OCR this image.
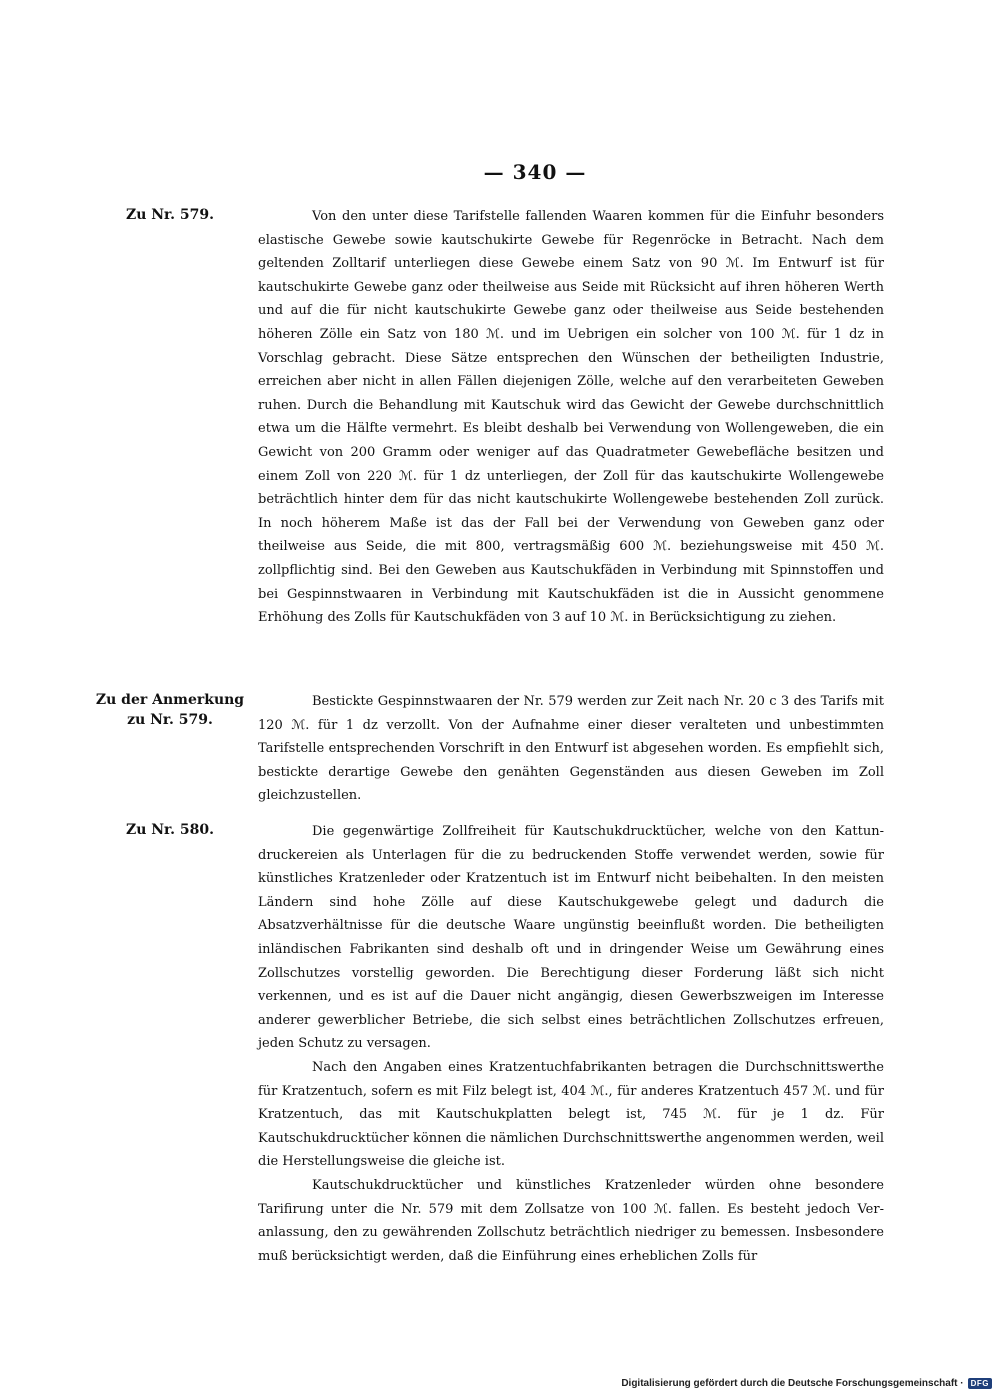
— 340 —
Zu Nr. 579.	Von den unter diese Tarifstelle fallenden Waaren kommen für die Einfuhr besonders elastische Gewebe sowie kautschukirte Gewebe für Regenröcke in Betracht. Nach dem geltenden Zolltarif unterliegen diese Gewebe einem Satz von 90 ℳ. Im Entwurf ist für kautschukirte Gewebe ganz oder theilweise aus Seide mit Rücksicht auf ihren höheren Werth und auf die für nicht kautschukirte Gewebe ganz oder theilweise aus Seide bestehenden höheren Zölle ein Satz von 180 ℳ. und im Uebrigen ein solcher von 100 ℳ. für 1 dz in Vorschlag gebracht. Diese Sätze entsprechen den Wünschen der betheiligten Industrie, erreichen aber nicht in allen Fällen diejenigen Zölle, welche auf den verarbeiteten Geweben ruhen. Durch die Behandlung mit Kautschuk wird das Gewicht der Gewebe durchschnittlich etwa um die Hälfte vermehrt. Es bleibt deshalb bei Verwendung von Wollengeweben, die ein Gewicht von 200 Gramm oder weniger auf das Quadratmeter Gewebefläche besitzen und einem Zoll von 220 ℳ. für 1 dz unterliegen, der Zoll für das kautschukirte Wollengewebe beträchtlich hinter dem für das nicht kautschukirte Wollengewebe bestehenden Zoll zurück. In noch höherem Maße ist das der Fall bei der Verwendung von Geweben ganz oder theilweise aus Seide, die mit 800, vertragsmäßig 600 ℳ. beziehungsweise mit 450 ℳ. zollpflichtig sind. Bei den Geweben aus Kautschukfäden in Verbindung mit Spinnstoffen und bei Gespinnstwaaren in Verbindung mit Kautschukfäden ist die in Aussicht genommene Erhöhung des Zolls für Kautschukfäden von 3 auf 10 ℳ. in Berücksichtigung zu ziehen.

Zu der Anmerkung
zu Nr. 579.

Bestickte Gespinnstwaaren der Nr. 579 werden zur Zeit nach Nr. 20 c 3 des Tarifs mit 120 ℳ. für 1 dz verzollt. Von der Aufnahme einer dieser veralteten und unbestimmten Tarifstelle entsprechenden Vorschrift in den Entwurf ist abgesehen worden. Es empfiehlt sich, bestickte derartige Gewebe den genähten Gegenständen aus diesen Geweben im Zoll gleichzustellen.

Zu Nr. 580.	Die gegenwärtige Zollfreiheit für Kautschukdrucktücher, welche von den Kattundruckereien als Unterlagen für die zu bedruckenden Stoffe verwendet werden, sowie für künstliches Kratzenleder oder Kratzentuch ist im Entwurf nicht beibehalten. In den meisten Ländern sind hohe Zölle auf diese Kautschukgewebe gelegt und dadurch die Absatzverhältnisse für die deutsche Waare ungünstig beeinflußt worden. Die betheiligten inländischen Fabrikanten sind deshalb oft und in dringender Weise um Gewährung eines Zollschutzes vorstellig geworden. Die Berechtigung dieser Forderung läßt sich nicht verkennen, und es ist auf die Dauer nicht angängig, diesen Gewerbszweigen im Interesse anderer gewerblicher Betriebe, die sich selbst eines beträchtlichen Zollschutzes erfreuen, jeden Schutz zu versagen.

Nach den Angaben eines Kratzentuchfabrikanten betragen die Durchschnittswerthe für Kratzentuch, sofern es mit Filz belegt ist, 404 ℳ., für anderes Kratzentuch 457 ℳ. und für Kratzentuch, das mit Kautschukplatten belegt ist, 745 ℳ. für je 1 dz. Für Kautschukdrucktücher können die nämlichen Durchschnittswerthe angenommen werden, weil die Herstellungsweise die gleiche ist.

Kautschukdrucktücher und künstliches Kratzenleder würden ohne besondere Tarifirung unter die Nr. 579 mit dem Zollsatze von 100 ℳ. fallen. Es besteht jedoch Veranlassung, den zu gewährenden Zollschutz beträchtlich niedriger zu bemessen. Insbesondere muß berücksichtigt werden, daß die Einführung eines erheblichen Zolls für

Digitalisierung gefördert durch die Deutsche Forschungsgemeinschaft · DFG
